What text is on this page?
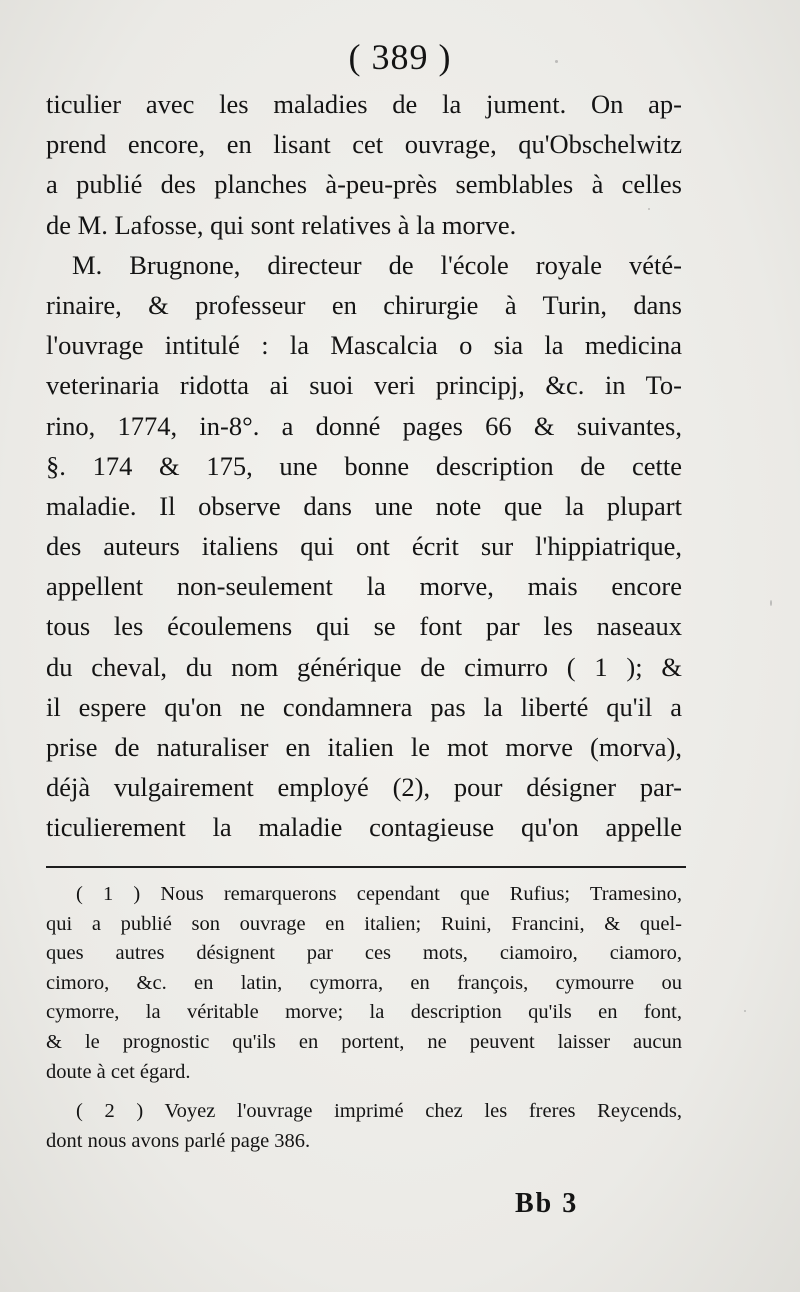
( 389 )

ticulier avec les maladies de la jument. On ap-
prend encore, en lisant cet ouvrage, qu'Obschelwitz
a publié des planches à-peu-près semblables à celles
de M. Lafosse, qui sont relatives à la morve.
M. Brugnone, directeur de l'école royale vété-
rinaire, & professeur en chirurgie à Turin, dans
l'ouvrage intitulé : la Mascalcia o sia la medicina
veterinaria ridotta ai suoi veri principj, &c. in To-
rino, 1774, in-8°. a donné pages 66 & suivantes,
§. 174 & 175, une bonne description de cette
maladie. Il observe dans une note que la plupart
des auteurs italiens qui ont écrit sur l'hippiatrique,
appellent non-seulement la morve, mais encore
tous les écoulemens qui se font par les naseaux
du cheval, du nom générique de cimurro ( 1 ); &
il espere qu'on ne condamnera pas la liberté qu'il a
prise de naturaliser en italien le mot morve (morva),
déjà vulgairement employé (2), pour désigner par-
ticulierement la maladie contagieuse qu'on appelle
( 1 ) Nous remarquerons cependant que Rufius; Tramesino,
qui a publié son ouvrage en italien; Ruini, Francini, & quel-
ques autres désignent par ces mots, ciamoiro, ciamoro,
cimoro, &c. en latin, cymorra, en françois, cymourre ou
cymorre, la véritable morve; la description qu'ils en font,
& le prognostic qu'ils en portent, ne peuvent laisser aucun
doute à cet égard.
( 2 ) Voyez l'ouvrage imprimé chez les freres Reycends,
dont nous avons parlé page 386.

Bb 3
